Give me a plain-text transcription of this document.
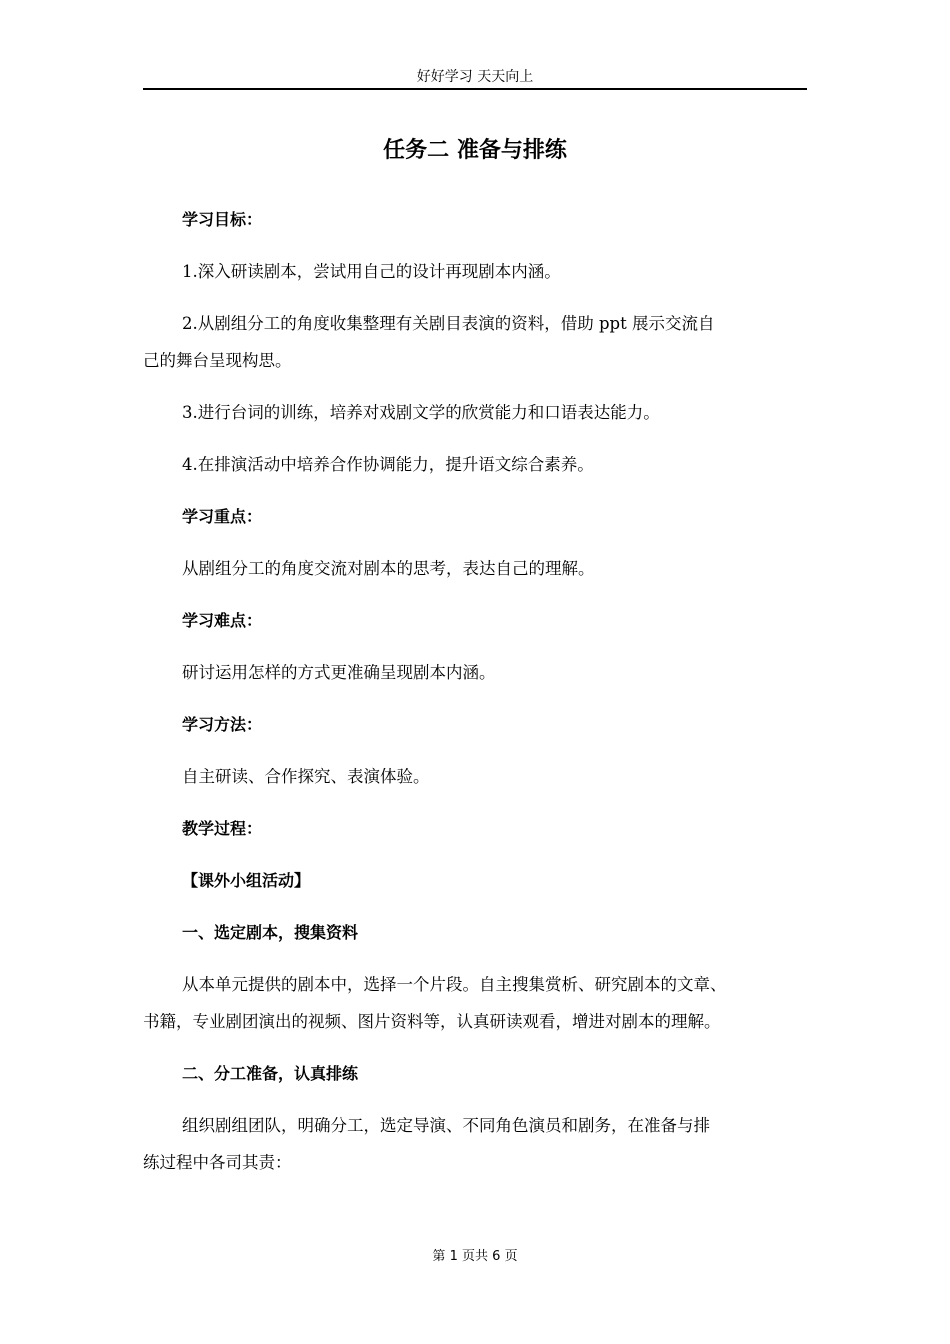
好好学习 天天向上
任务二 准备与排练
学习目标：
1.深入研读剧本，尝试用自己的设计再现剧本内涵。
2.从剧组分工的角度收集整理有关剧目表演的资料，借助 ppt 展示交流自
己的舞台呈现构思。
3.进行台词的训练，培养对戏剧文学的欣赏能力和口语表达能力。
4.在排演活动中培养合作协调能力，提升语文综合素养。
学习重点：
从剧组分工的角度交流对剧本的思考，表达自己的理解。
学习难点：
研讨运用怎样的方式更准确呈现剧本内涵。
学习方法：
自主研读、合作探究、表演体验。
教学过程：
【课外小组活动】
一、选定剧本，搜集资料
从本单元提供的剧本中，选择一个片段。自主搜集赏析、研究剧本的文章、
书籍，专业剧团演出的视频、图片资料等，认真研读观看，增进对剧本的理解。
二、分工准备，认真排练
组织剧组团队，明确分工，选定导演、不同角色演员和剧务，在准备与排
练过程中各司其责：
第 1 页共 6 页
